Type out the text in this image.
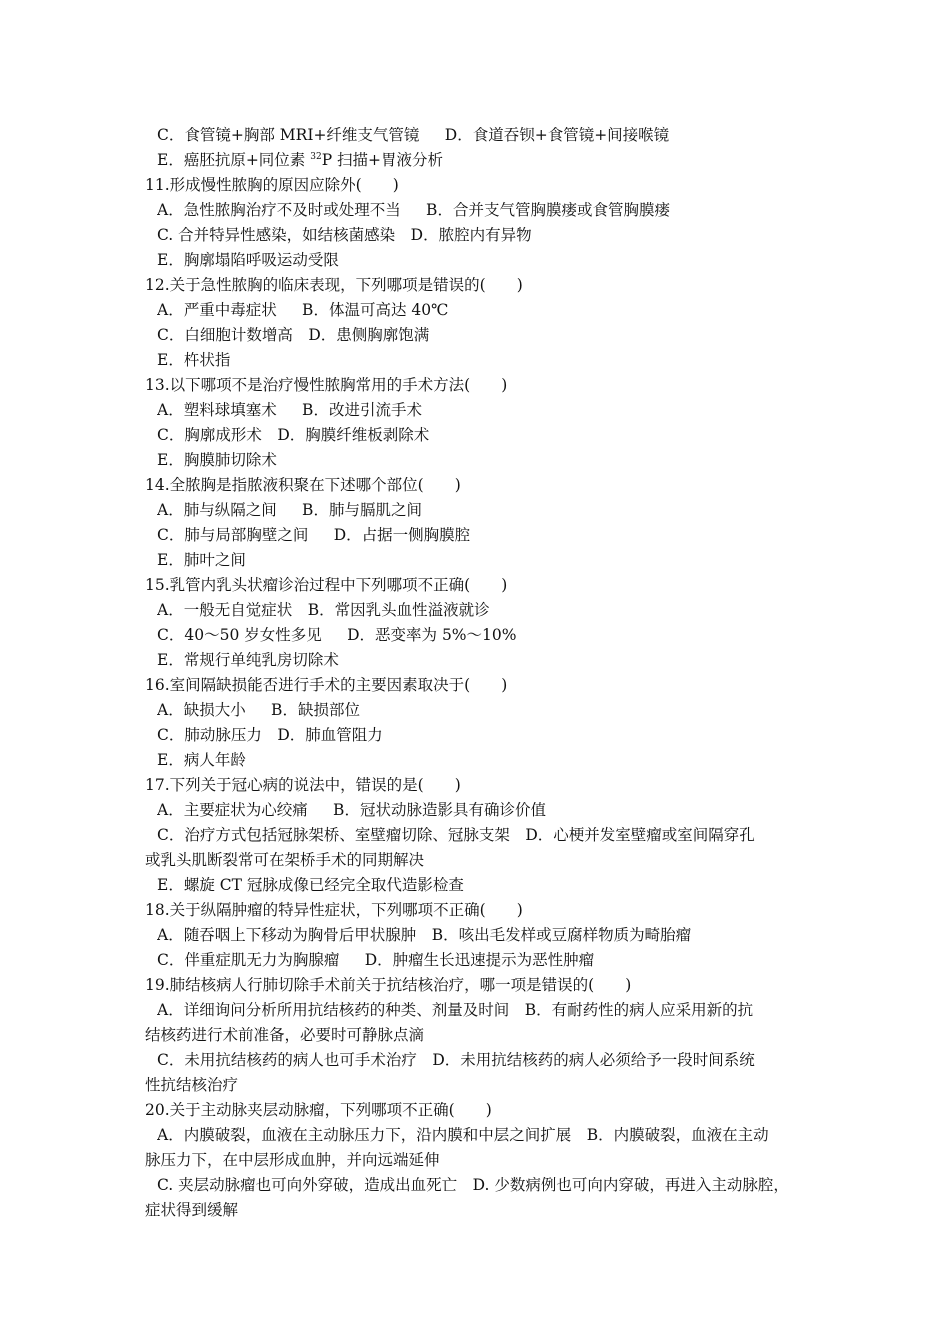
C．食管镜+胸部 MRI+纤维支气管镜 　 D．食道吞钡+食管镜+间接喉镜
E．癌胚抗原+同位素 $^{32}$P 扫描+胃液分析
11.形成慢性脓胸的原因应除外(　　)
A．急性脓胸治疗不及时或处理不当 　 B．合并支气管胸膜瘘或食管胸膜瘘
C. 合并特异性感染，如结核菌感染　D．脓腔内有异物
E．胸廓塌陷呼吸运动受限
12.关于急性脓胸的临床表现，下列哪项是错误的(　　)
A．严重中毒症状 　 B．体温可高达 40℃
C．白细胞计数增高　D．患侧胸廓饱满
E．杵状指
13.以下哪项不是治疗慢性脓胸常用的手术方法(　　)
A．塑料球填塞术 　 B．改进引流手术
C．胸廓成形术　D．胸膜纤维板剥除术
E．胸膜肺切除术
14.全脓胸是指脓液积聚在下述哪个部位(　　)
A．肺与纵隔之间 　 B．肺与膈肌之间
C．肺与局部胸壁之间 　 D．占据一侧胸膜腔
E．肺叶之间
15.乳管内乳头状瘤诊治过程中下列哪项不正确(　　)
A．一般无自觉症状　B．常因乳头血性溢液就诊
C．40～50 岁女性多见 　 D．恶变率为 5%～10%
E．常规行单纯乳房切除术
16.室间隔缺损能否进行手术的主要因素取决于(　　)
A．缺损大小 　 B．缺损部位
C．肺动脉压力　D．肺血管阻力
E．病人年龄
17.下列关于冠心病的说法中，错误的是(　　)
A．主要症状为心绞痛 　 B．冠状动脉造影具有确诊价值
C．治疗方式包括冠脉架桥、室壁瘤切除、冠脉支架　D．心梗并发室壁瘤或室间隔穿孔
或乳头肌断裂常可在架桥手术的同期解决
E．螺旋 CT 冠脉成像已经完全取代造影检查
18.关于纵隔肿瘤的特异性症状，下列哪项不正确(　　)
A．随吞咽上下移动为胸骨后甲状腺肿　B．咳出毛发样或豆腐样物质为畸胎瘤
C．伴重症肌无力为胸腺瘤 　 D．肿瘤生长迅速提示为恶性肿瘤
19.肺结核病人行肺切除手术前关于抗结核治疗，哪一项是错误的(　　)
A．详细询问分析所用抗结核药的种类、剂量及时间　B．有耐药性的病人应采用新的抗
结核药进行术前准备，必要时可静脉点滴
C．未用抗结核药的病人也可手术治疗　D．未用抗结核药的病人必须给予一段时间系统
性抗结核治疗
20.关于主动脉夹层动脉瘤，下列哪项不正确(　　)
A．内膜破裂，血液在主动脉压力下，沿内膜和中层之间扩展　B．内膜破裂，血液在主动
脉压力下，在中层形成血肿，并向远端延伸
C. 夹层动脉瘤也可向外穿破，造成出血死亡　D. 少数病例也可向内穿破，再进入主动脉腔，
症状得到缓解
